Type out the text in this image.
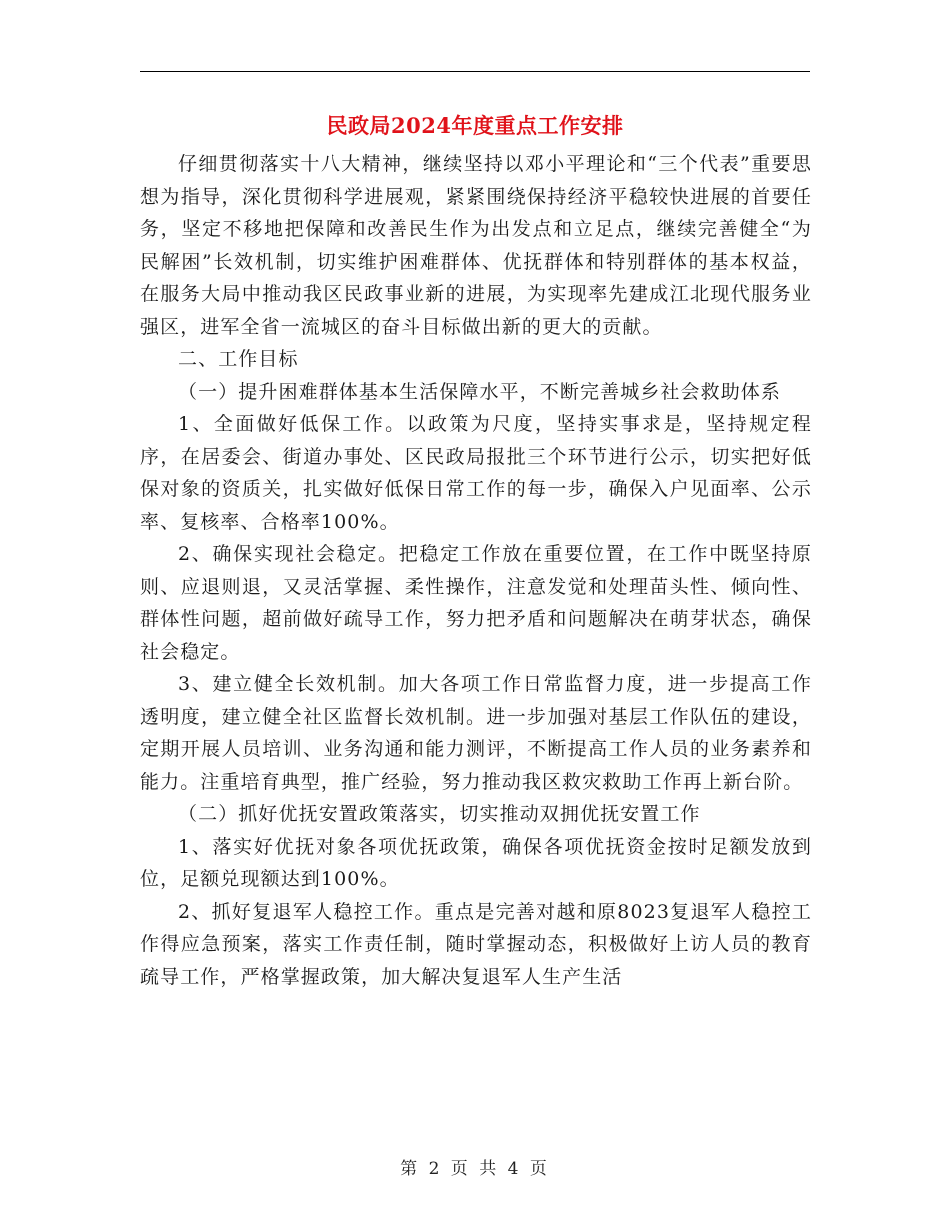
民政局2024年度重点工作安排

仔细贯彻落实十八大精神，继续坚持以邓小平理论和“三个代表”重要思想为指导，深化贯彻科学进展观，紧紧围绕保持经济平稳较快进展的首要任务，坚定不移地把保障和改善民生作为出发点和立足点，继续完善健全“为民解困”长效机制，切实维护困难群体、优抚群体和特别群体的基本权益，在服务大局中推动我区民政事业新的进展，为实现率先建成江北现代服务业强区，进军全省一流城区的奋斗目标做出新的更大的贡献。

二、工作目标

（一）提升困难群体基本生活保障水平，不断完善城乡社会救助体系

1、全面做好低保工作。以政策为尺度，坚持实事求是，坚持规定程序，在居委会、街道办事处、区民政局报批三个环节进行公示，切实把好低保对象的资质关，扎实做好低保日常工作的每一步，确保入户见面率、公示率、复核率、合格率100%。

2、确保实现社会稳定。把稳定工作放在重要位置，在工作中既坚持原则、应退则退，又灵活掌握、柔性操作，注意发觉和处理苗头性、倾向性、群体性问题，超前做好疏导工作，努力把矛盾和问题解决在萌芽状态，确保社会稳定。

3、建立健全长效机制。加大各项工作日常监督力度，进一步提高工作透明度，建立健全社区监督长效机制。进一步加强对基层工作队伍的建设，定期开展人员培训、业务沟通和能力测评，不断提高工作人员的业务素养和能力。注重培育典型，推广经验，努力推动我区救灾救助工作再上新台阶。

（二）抓好优抚安置政策落实，切实推动双拥优抚安置工作

1、落实好优抚对象各项优抚政策，确保各项优抚资金按时足额发放到位，足额兑现额达到100%。

2、抓好复退军人稳控工作。重点是完善对越和原8023复退军人稳控工作得应急预案，落实工作责任制，随时掌握动态，积极做好上访人员的教育疏导工作，严格掌握政策，加大解决复退军人生产生活

第 2 页 共 4 页
